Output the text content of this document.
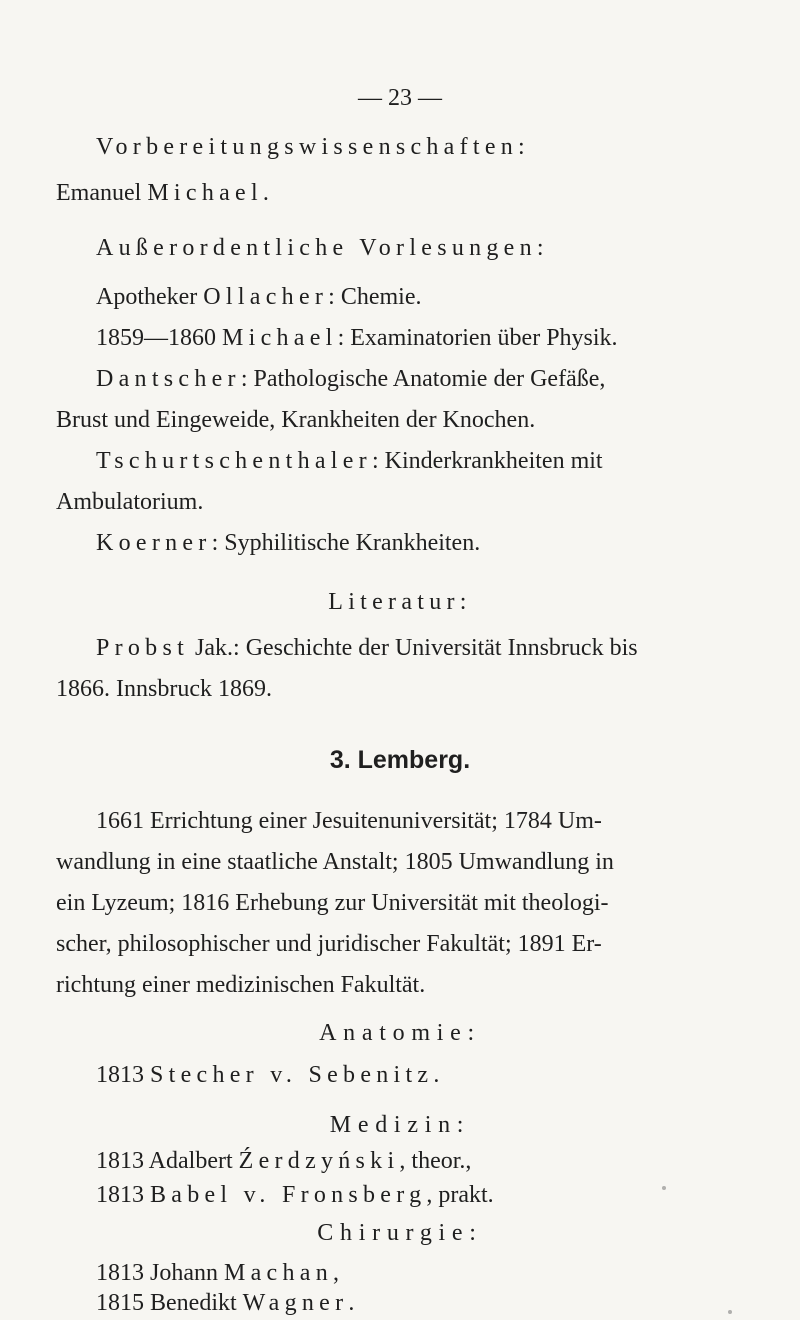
— 23 —
Vorbereitungswissenschaften:
Emanuel Michael.
Außerordentliche Vorlesungen:
Apotheker Ollacher: Chemie.
1859—1860 Michael: Examinatorien über Physik.
Dantscher: Pathologische Anatomie der Gefäße,
Brust und Eingeweide, Krankheiten der Knochen.
Tschurtschenthaler: Kinderkrankheiten mit
Ambulatorium.
Koerner: Syphilitische Krankheiten.
Literatur:
Probst Jak.: Geschichte der Universität Innsbruck bis
1866. Innsbruck 1869.
3. Lemberg.
1661 Errichtung einer Jesuitenuniversität; 1784 Um-
wandlung in eine staatliche Anstalt; 1805 Umwandlung in
ein Lyzeum; 1816 Erhebung zur Universität mit theologi-
scher, philosophischer und juridischer Fakultät; 1891 Er-
richtung einer medizinischen Fakultät.
Anatomie:
1813 Stecher v. Sebenitz.
Medizin:
1813 Adalbert Źerdzyński, theor.,
1813 Babel v. Fronsberg, prakt.
Chirurgie:
1813 Johann Machan,
1815 Benedikt Wagner.
